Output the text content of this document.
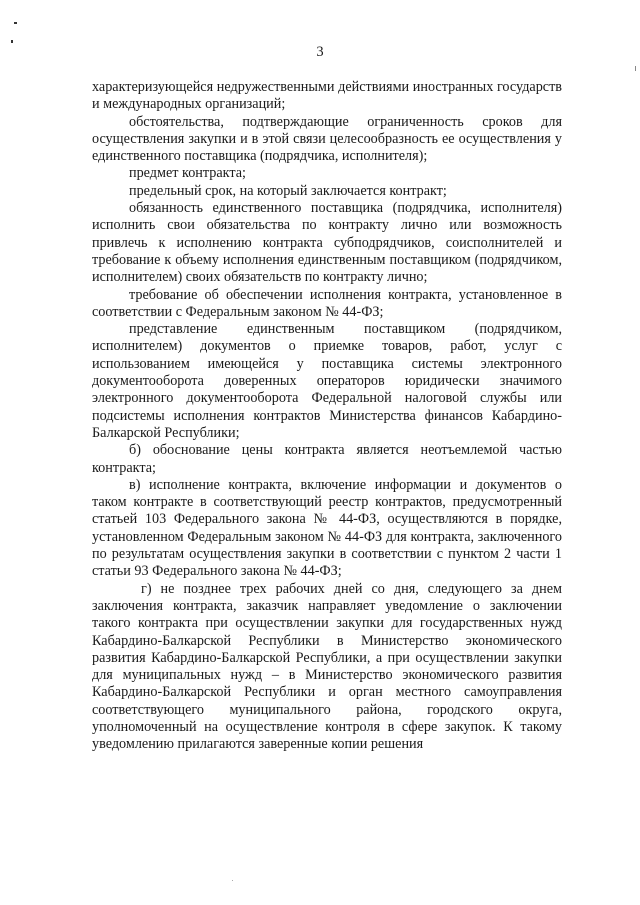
3

характеризующейся недружественными действиями иностранных государств и международных организаций;

обстоятельства, подтверждающие ограниченность сроков для осуществления закупки и в этой связи целесообразность ее осуществления у единственного поставщика (подрядчика, исполнителя);

предмет контракта;

предельный срок, на который заключается контракт;

обязанность единственного поставщика (подрядчика, исполнителя) исполнить свои обязательства по контракту лично или возможность привлечь к исполнению контракта субподрядчиков, соисполнителей и требование к объему исполнения единственным поставщиком (подрядчиком, исполнителем) своих обязательств по контракту лично;

требование об обеспечении исполнения контракта, установленное в соответствии с Федеральным законом № 44-ФЗ;

представление единственным поставщиком (подрядчиком, исполнителем) документов о приемке товаров, работ, услуг с использованием имеющейся у поставщика системы электронного документооборота доверенных операторов юридически значимого электронного документооборота Федеральной налоговой службы или подсистемы исполнения контрактов Министерства финансов Кабардино-Балкарской Республики;

б) обоснование цены контракта является неотъемлемой частью контракта;

в) исполнение контракта, включение информации и документов о таком контракте в соответствующий реестр контрактов, предусмотренный статьей 103 Федерального закона № 44-ФЗ, осуществляются в порядке, установленном Федеральным законом № 44-ФЗ для контракта, заключенного по результатам осуществления закупки в соответствии с пунктом 2 части 1 статьи 93 Федерального закона № 44-ФЗ;

г) не позднее трех рабочих дней со дня, следующего за днем заключения контракта, заказчик направляет уведомление о заключении такого контракта при осуществлении закупки для государственных нужд Кабардино-Балкарской Республики в Министерство экономического развития Кабардино-Балкарской Республики, а при осуществлении закупки для муниципальных нужд – в Министерство экономического развития Кабардино-Балкарской Республики и орган местного самоуправления соответствующего муниципального района, городского округа, уполномоченный на осуществление контроля в сфере закупок. К такому уведомлению прилагаются заверенные копии решения
